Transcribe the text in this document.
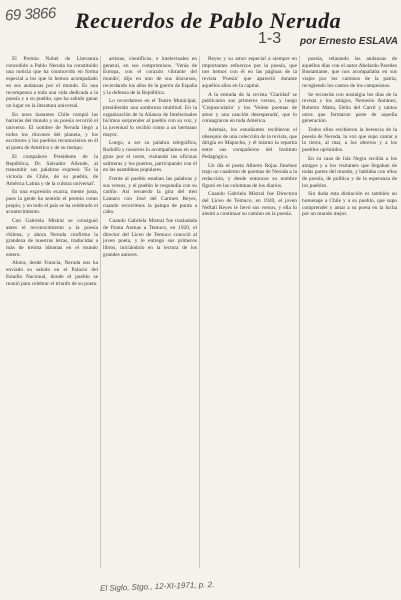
69 3866 Recuerdos de Pablo Neruda
1-3 por Ernesto ESLAVA

El Premio Nobel de Literatura concedido a Pablo Neruda ha constituido una noticia que ha conmovido en forma especial a los que lo hemos acompañado en sus andanzas por el mundo. Es una recompensa a toda una vida dedicada a la poesía y a su pueblo, que ha sabido ganar un lugar en la literatura universal.

En unos instantes Chile rompió las barreras del mundo y su poesía recorrió el universo. El nombre de Neruda llegó a todos los rincones del planeta, y los escritores y los pueblos reconocieron en él al poeta de América y de su tiempo.

El compañero Presidente de la República, Dr. Salvador Allende, al transmitir sus palabras expresó: 'Es la victoria de Chile, de su pueblo, de América Latina y de la cultura universal'.

Es una expresión exacta, mente justa, pues la gente ha sentido el premio como propio, y en todo el país se ha celebrado el acontecimiento.

Con Gabriela Mistral se consiguió antes el reconocimiento a la poesía chilena, y ahora Neruda confirma la grandeza de nuestras letras, traducidas a más de treinta idiomas en el mundo entero.

Ahora, desde Francia, Neruda nos ha enviado su saludo en el Palacio del Estadio Nacional, donde el pueblo se reunió para celebrar el triunfo de su poeta.

artistas, científicos, e intelectuales en general, en sus compromisos. 'Venía de Europa, con el corazón vibrante del mundo', dijo en uno de sus discursos, recordando los años de la guerra de España y la defensa de la República.

Lo recordamos en el Teatro Municipal, presidiendo una sombrosa multitud. En la organización de la Alianza de Intelectuales hicimos sorprender al pueblo con su voz, y la juventud lo recibió como a un hermano mayor.

Luego, a ser su palabra telegráfica, Rodolfo y nosotros lo acompañamos en sus giras por el norte, visitando las oficinas salitreras y los puertos, participando con él en las asambleas populares.

Frente al pueblo estaban las palabras y sus versos, y el pueblo le respondía con su cariño. Así recuerdo la gira del tren Lautaro con José del Carmen Reyes, cuando recorrimos la pampa de punta a cabo.

Cuando Gabriela Mistral fue trasladada de Punta Arenas a Temuco, en 1920, el director del Liceo de Temuco conoció al joven poeta, y le entregó sus primeros libros, iniciándolo en la lectura de los grandes autores.

Reyes y su amor especial a siempre en importantes esfuerzos por la poesía, que nos hemos con él en las páginas de la revista 'Poesía' que apareció durante aquellos años en la capital.

A la entrada de la revista 'Claridad' se publicaron sus primeros versos, y luego 'Crepusculario' y los 'Veinte poemas de amor y una canción desesperada', que lo consagraron en toda América.

Además, los estudiantes recibieron el obsequio de una colección de la revista, que dirigía en Mapocho, y él mismo la repartía entre sus compañeros del Instituto Pedagógico.

Un día el poeta Alberto Rojas Jiménez trajo un cuaderno de poemas de Neruda a la redacción, y desde entonces su nombre figuró en las columnas de los diarios.

Cuando Gabriela Mistral fue Directora del Liceo de Temuco, en 1920, el joven Neftalí Reyes le llevó sus versos, y ella lo alentó a continuar su camino en la poesía.

poesía, relatando las andanzas de aquellos días con el autor Abelardo Paredes Bustamante, que nos acompañaba en sus viajes por los caminos de la patria, recogiendo los cantos de los campesinos.

Se recuerda con nostalgia los días de la revista y los amigos, Nemesio Antúnez, Roberto Matta, Delia del Carril y tantos otros que formaron parte de aquella generación.

Todos ellos recibieron la herencia de la poesía de Neruda, la voz que supo cantar a la tierra, al mar, a los obreros y a los pueblos oprimidos.

En su casa de Isla Negra recibía a los amigos y a los visitantes que llegaban de todas partes del mundo, y hablaba con ellos de poesía, de política y de la esperanza de los pueblos.

Sin duda esta distinción es también un homenaje a Chile y a su pueblo, que supo comprender y amar a su poeta en la lucha por un mundo mejor.

El Siglo, Stgo., 12-XI-1971, p. 2.
